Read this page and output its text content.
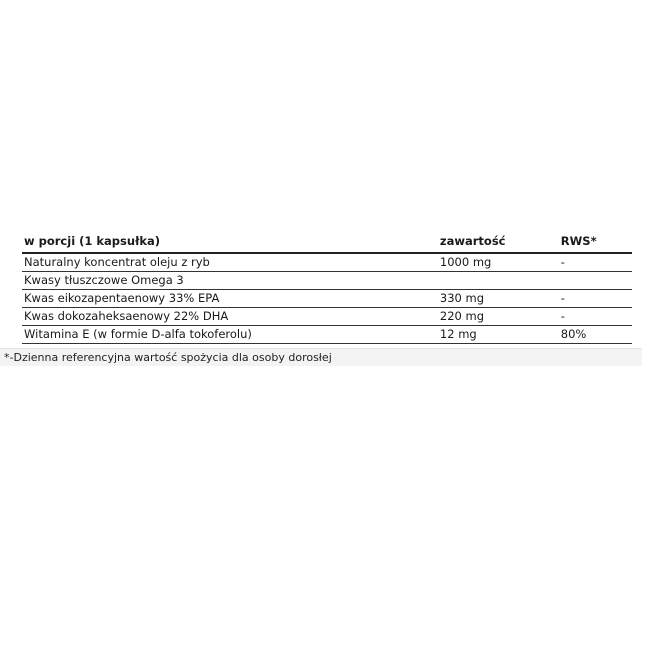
w porcji (1 kapsułka)	zawartość	RWS*
Naturalny koncentrat oleju z ryb	1000 mg	-
Kwasy tłuszczowe Omega 3		
Kwas eikozapentaenowy 33% EPA	330 mg	-
Kwas dokozaheksaenowy 22% DHA	220 mg	-
Witamina E (w formie D-alfa tokoferolu)	12 mg	80%
*-Dzienna referencyjna wartość spożycia dla osoby dorosłej
